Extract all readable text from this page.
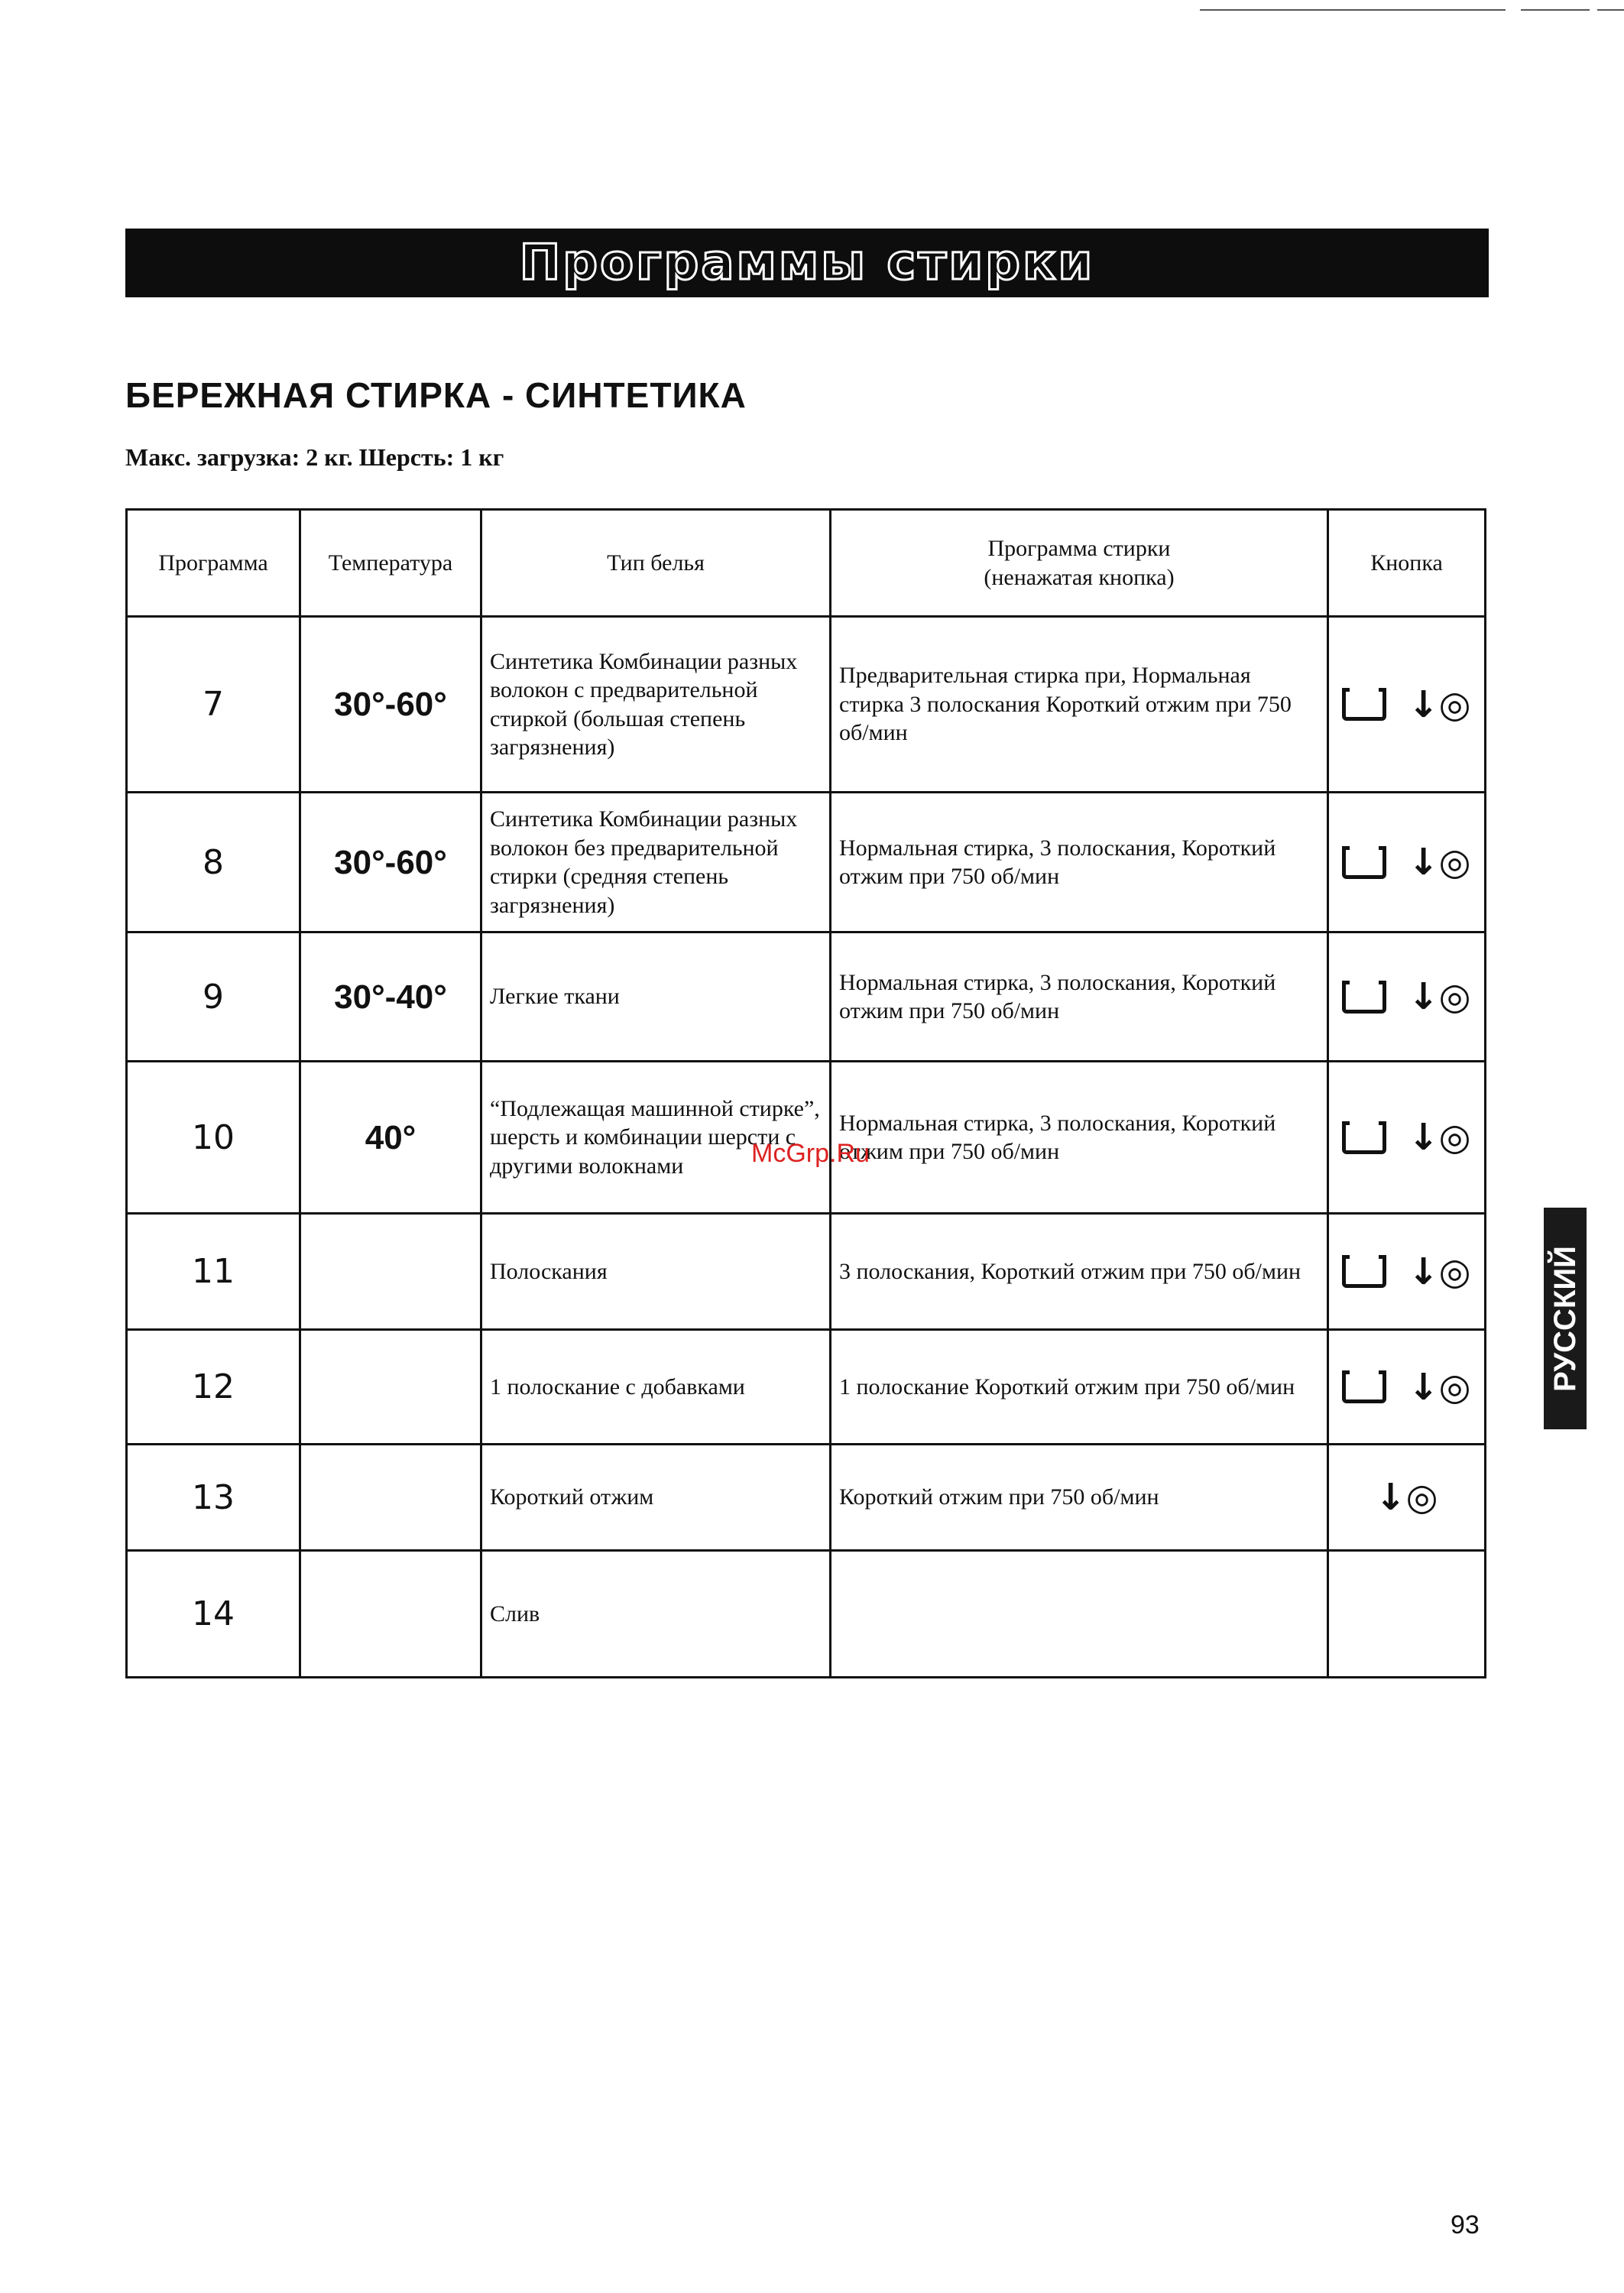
Программы стирки
БЕРЕЖНАЯ СТИРКА - СИНТЕТИКА
Макс. загрузка: 2 кг. Шерсть: 1 кг
Программа	Температура	Тип белья	Программа стирки (ненажатая кнопка)	Кнопка
7	30°-60°	Синтетика Комбинации разных волокон с предварительной стиркой (большая степень загрязнения)	Предварительная стирка при, Нормальная стирка 3 полоскания Короткий отжим при 750 об/мин	↓◎
8	30°-60°	Синтетика Комбинации разных волокон без предварительной стирки (средняя степень загрязнения)	Нормальная стирка, 3 полоскания, Короткий отжим при 750 об/мин	↓◎
9	30°-40°	Легкие ткани	Нормальная стирка, 3 полоскания, Короткий отжим при 750 об/мин	↓◎
10	40°	“Подлежащая машинной стирке”, шерсть и комбинации шерсти с другими волокнами	Нормальная стирка, 3 полоскания, Короткий отжим при 750 об/мин	↓◎
11		Полоскания	3 полоскания, Короткий отжим при 750 об/мин	↓◎
12		1 полоскание с добавками	1 полоскание Короткий отжим при 750 об/мин	↓◎
13		Короткий отжим	Короткий отжим при 750 об/мин	↓◎
14		Слив		
McGrp.Ru
РУССКИЙ
93
